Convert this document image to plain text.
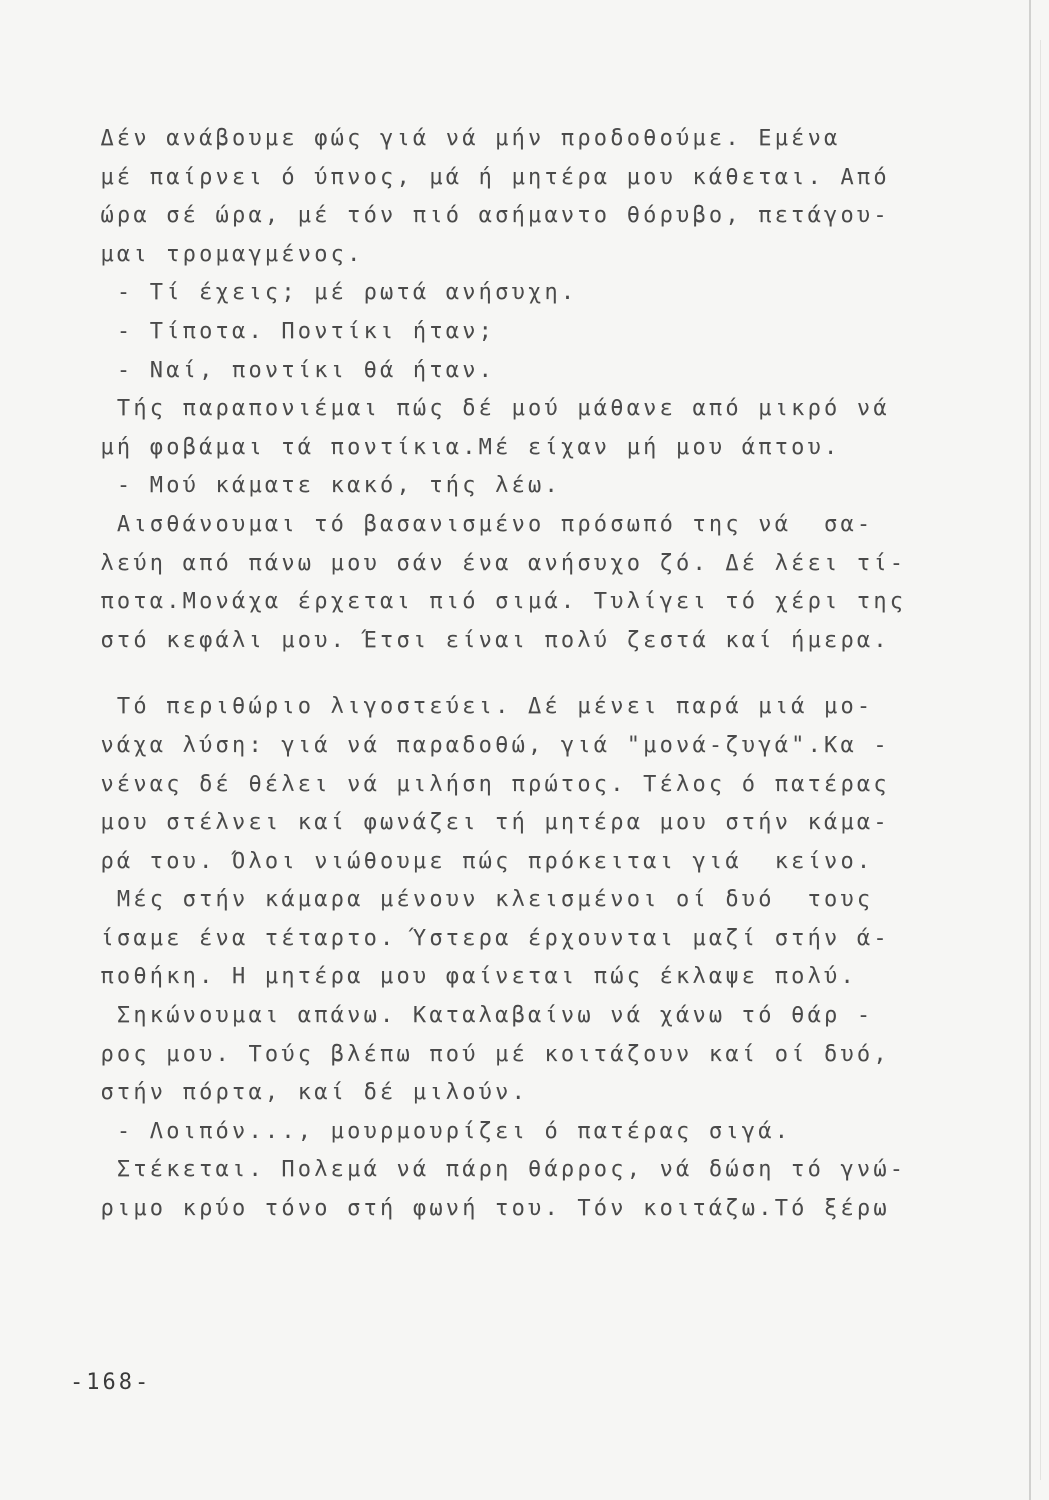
Δέν ανάβουμε φώς γιά νά μήν προδοθούμε. Εμένα
μέ παίρνει ό ύπνος, μά ή μητέρα μου κάθεται. Από
ώρα σέ ώρα, μέ τόν πιό ασήμαντο θόρυβο, πετάγου-
μαι τρομαγμένος.
- Τί έχεις; μέ ρωτά ανήσυχη.
- Τίποτα. Ποντίκι ήταν;
- Ναί, ποντίκι θά ήταν.
Τής παραπονιέμαι πώς δέ μού μάθανε από μικρό νά
μή φοβάμαι τά ποντίκια.Μέ είχαν μή μου άπτου.
- Μού κάματε κακό, τής λέω.
Αισθάνουμαι τό βασανισμένο πρόσωπό της νά  σα-
λεύη από πάνω μου σάν ένα ανήσυχο ζό. Δέ λέει τί-
ποτα.Μονάχα έρχεται πιό σιμά. Τυλίγει τό χέρι της
στό κεφάλι μου. Έτσι είναι πολύ ζεστά καί ήμερα.
Τό περιθώριο λιγοστεύει. Δέ μένει παρά μιά μο-
νάχα λύση: γιά νά παραδοθώ, γιά "μονά-ζυγά".Κα -
νένας δέ θέλει νά μιλήση πρώτος. Τέλος ό πατέρας
μου στέλνει καί φωνάζει τή μητέρα μου στήν κάμα-
ρά του. Όλοι νιώθουμε πώς πρόκειται γιά  κείνο.
Μές στήν κάμαρα μένουν κλεισμένοι οί δυό  τους
ίσαμε ένα τέταρτο. Ύστερα έρχουνται μαζί στήν ά-
ποθήκη. Η μητέρα μου φαίνεται πώς έκλαψε πολύ.
Σηκώνουμαι απάνω. Καταλαβαίνω νά χάνω τό θάρ -
ρος μου. Τούς βλέπω πού μέ κοιτάζουν καί οί δυό,
στήν πόρτα, καί δέ μιλούν.
- Λοιπόν..., μουρμουρίζει ό πατέρας σιγά.
Στέκεται. Πολεμά νά πάρη θάρρος, νά δώση τό γνώ-
ριμο κρύο τόνο στή φωνή του. Τόν κοιτάζω.Τό ξέρω
-168-
